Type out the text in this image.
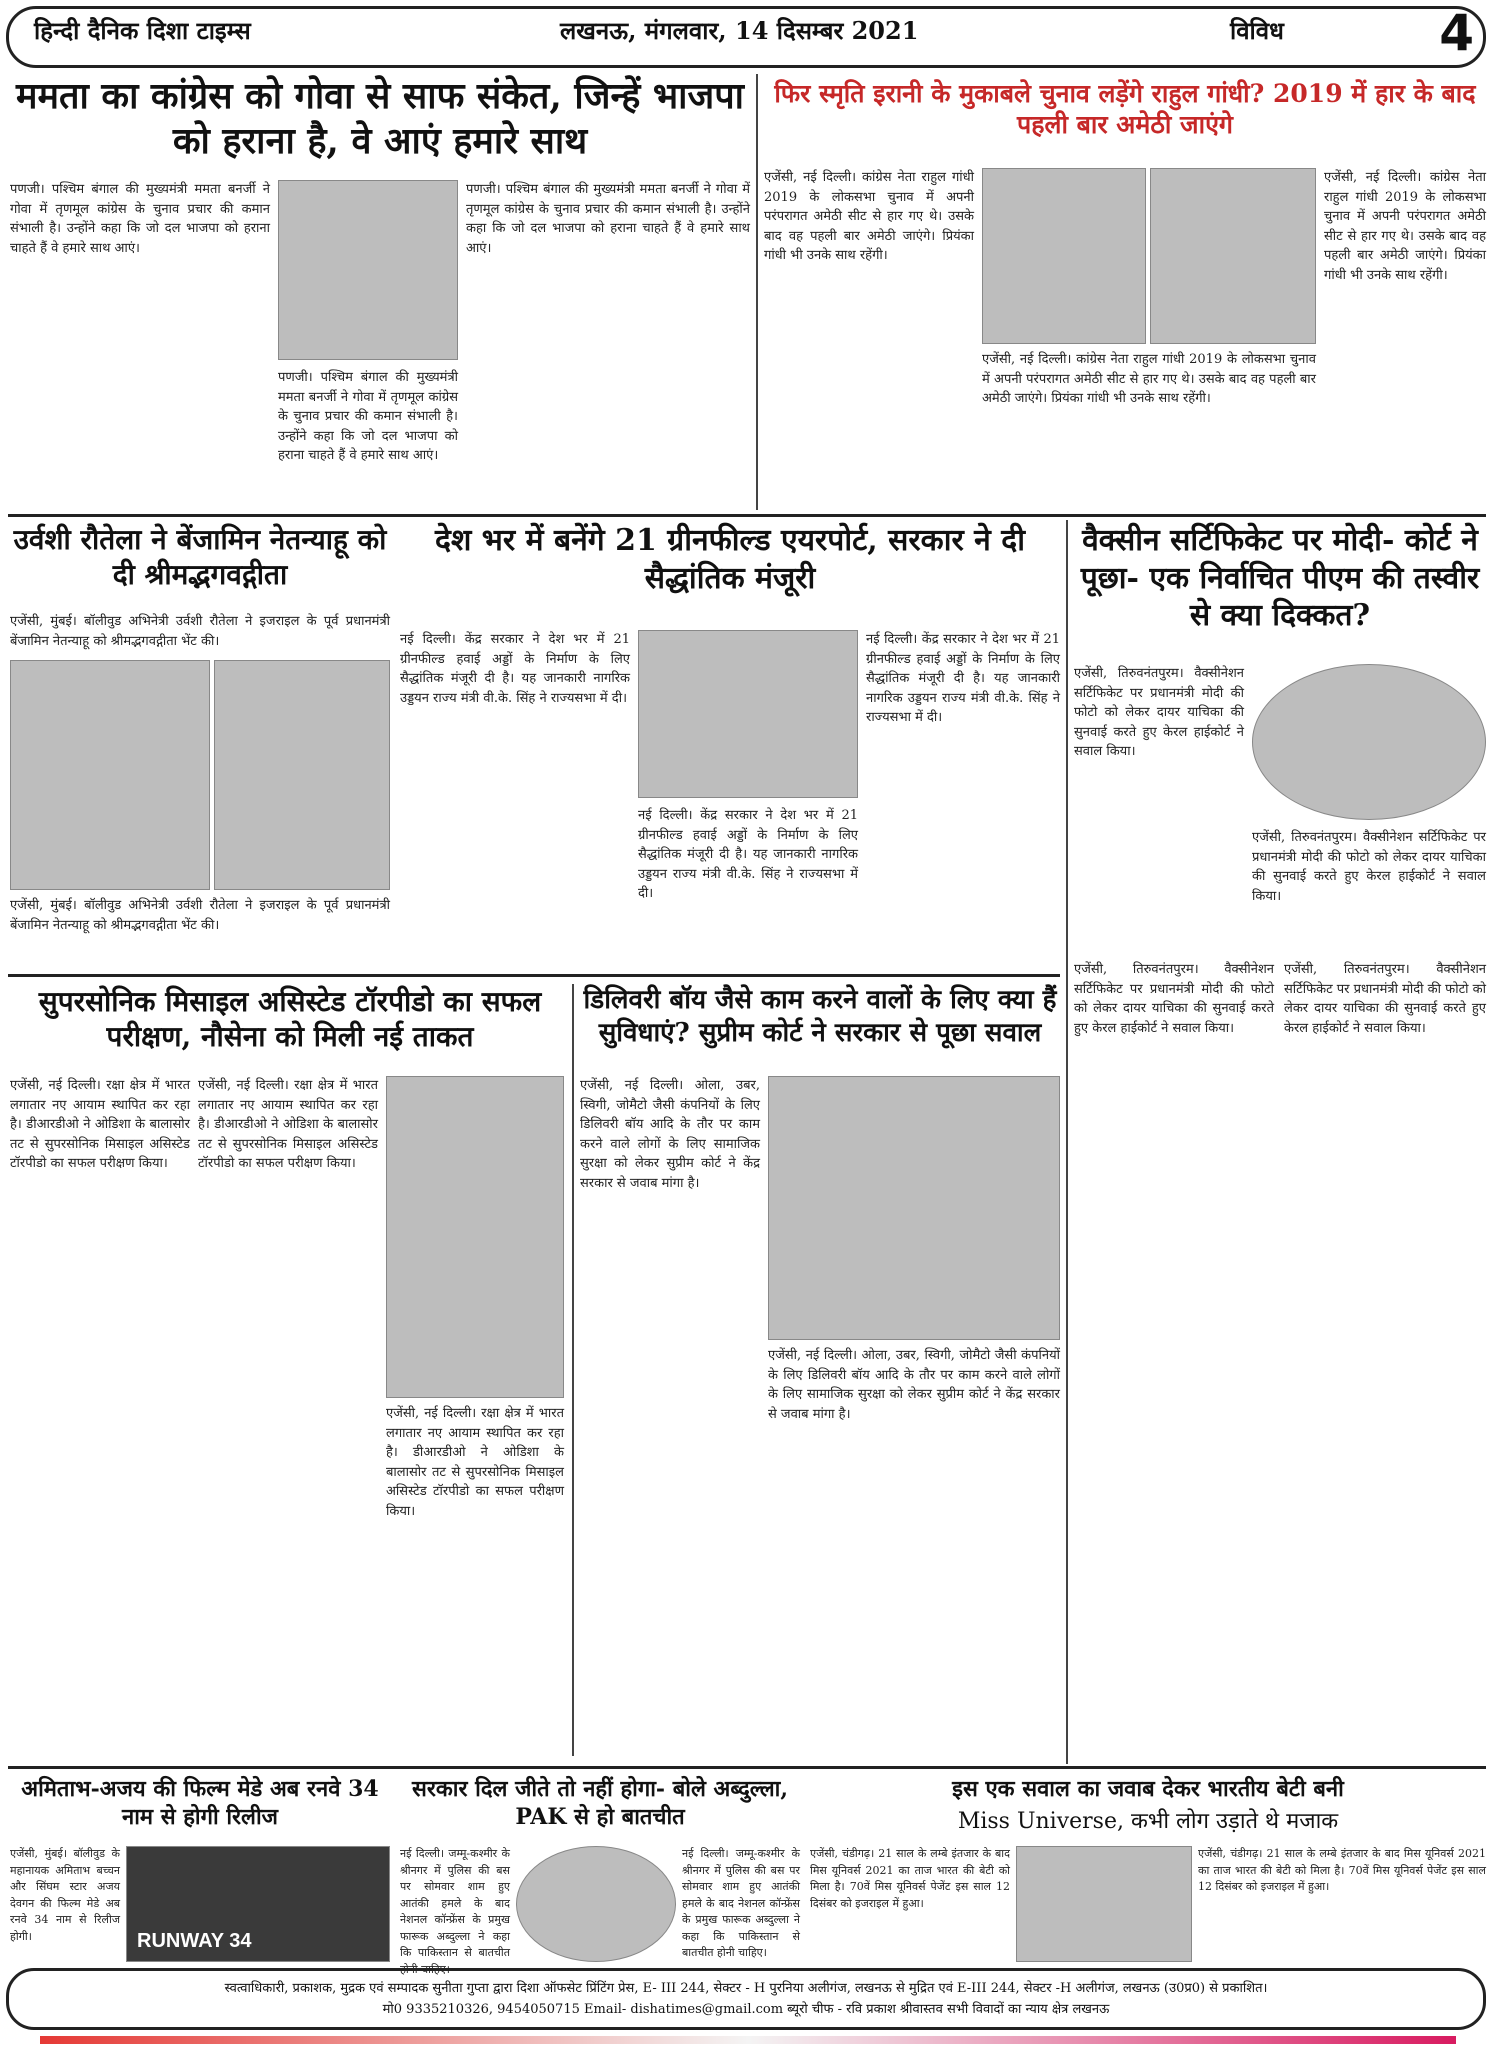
हिन्दी दैनिक दिशा टाइम्स	लखनऊ, मंगलवार, 14 दिसम्बर 2021	विविध	4
ममता का कांग्रेस को गोवा से साफ संकेत, जिन्हें भाजपा को हराना है, वे आएं हमारे साथ
पणजी। पश्चिम बंगाल की मुख्यमंत्री ममता बनर्जी ने गोवा में तृणमूल कांग्रेस के चुनाव प्रचार की कमान संभाली है। उन्होंने कहा कि जो दल भाजपा को हराना चाहते हैं वे हमारे साथ आएं।
पणजी। पश्चिम बंगाल की मुख्यमंत्री ममता बनर्जी ने गोवा में तृणमूल कांग्रेस के चुनाव प्रचार की कमान संभाली है। उन्होंने कहा कि जो दल भाजपा को हराना चाहते हैं वे हमारे साथ आएं।
पणजी। पश्चिम बंगाल की मुख्यमंत्री ममता बनर्जी ने गोवा में तृणमूल कांग्रेस के चुनाव प्रचार की कमान संभाली है। उन्होंने कहा कि जो दल भाजपा को हराना चाहते हैं वे हमारे साथ आएं।
फिर स्मृति इरानी के मुकाबले चुनाव लड़ेंगे राहुल गांधी? 2019 में हार के बाद पहली बार अमेठी जाएंगे
एजेंसी, नई दिल्ली। कांग्रेस नेता राहुल गांधी 2019 के लोकसभा चुनाव में अपनी परंपरागत अमेठी सीट से हार गए थे। उसके बाद वह पहली बार अमेठी जाएंगे। प्रियंका गांधी भी उनके साथ रहेंगी।
एजेंसी, नई दिल्ली। कांग्रेस नेता राहुल गांधी 2019 के लोकसभा चुनाव में अपनी परंपरागत अमेठी सीट से हार गए थे। उसके बाद वह पहली बार अमेठी जाएंगे। प्रियंका गांधी भी उनके साथ रहेंगी।
एजेंसी, नई दिल्ली। कांग्रेस नेता राहुल गांधी 2019 के लोकसभा चुनाव में अपनी परंपरागत अमेठी सीट से हार गए थे। उसके बाद वह पहली बार अमेठी जाएंगे। प्रियंका गांधी भी उनके साथ रहेंगी।
उर्वशी रौतेला ने बेंजामिन नेतन्याहू को दी श्रीमद्भगवद्गीता
एजेंसी, मुंबई। बॉलीवुड अभिनेत्री उर्वशी रौतेला ने इजराइल के पूर्व प्रधानमंत्री बेंजामिन नेतन्याहू को श्रीमद्भगवद्गीता भेंट की।
एजेंसी, मुंबई। बॉलीवुड अभिनेत्री उर्वशी रौतेला ने इजराइल के पूर्व प्रधानमंत्री बेंजामिन नेतन्याहू को श्रीमद्भगवद्गीता भेंट की।
देश भर में बनेंगे 21 ग्रीनफील्ड एयरपोर्ट, सरकार ने दी सैद्धांतिक मंजूरी
नई दिल्ली। केंद्र सरकार ने देश भर में 21 ग्रीनफील्ड हवाई अड्डों के निर्माण के लिए सैद्धांतिक मंजूरी दी है। यह जानकारी नागरिक उड्डयन राज्य मंत्री वी.के. सिंह ने राज्यसभा में दी।
नई दिल्ली। केंद्र सरकार ने देश भर में 21 ग्रीनफील्ड हवाई अड्डों के निर्माण के लिए सैद्धांतिक मंजूरी दी है। यह जानकारी नागरिक उड्डयन राज्य मंत्री वी.के. सिंह ने राज्यसभा में दी।
नई दिल्ली। केंद्र सरकार ने देश भर में 21 ग्रीनफील्ड हवाई अड्डों के निर्माण के लिए सैद्धांतिक मंजूरी दी है। यह जानकारी नागरिक उड्डयन राज्य मंत्री वी.के. सिंह ने राज्यसभा में दी।
वैक्सीन सर्टिफिकेट पर मोदी- कोर्ट ने पूछा- एक निर्वाचित पीएम की तस्वीर से क्या दिक्कत?
एजेंसी, तिरुवनंतपुरम। वैक्सीनेशन सर्टिफिकेट पर प्रधानमंत्री मोदी की फोटो को लेकर दायर याचिका की सुनवाई करते हुए केरल हाईकोर्ट ने सवाल किया।
एजेंसी, तिरुवनंतपुरम। वैक्सीनेशन सर्टिफिकेट पर प्रधानमंत्री मोदी की फोटो को लेकर दायर याचिका की सुनवाई करते हुए केरल हाईकोर्ट ने सवाल किया।
एजेंसी, तिरुवनंतपुरम। वैक्सीनेशन सर्टिफिकेट पर प्रधानमंत्री मोदी की फोटो को लेकर दायर याचिका की सुनवाई करते हुए केरल हाईकोर्ट ने सवाल किया।
एजेंसी, तिरुवनंतपुरम। वैक्सीनेशन सर्टिफिकेट पर प्रधानमंत्री मोदी की फोटो को लेकर दायर याचिका की सुनवाई करते हुए केरल हाईकोर्ट ने सवाल किया।
सुपरसोनिक मिसाइल असिस्टेड टॉरपीडो का सफल परीक्षण, नौसेना को मिली नई ताकत
एजेंसी, नई दिल्ली। रक्षा क्षेत्र में भारत लगातार नए आयाम स्थापित कर रहा है। डीआरडीओ ने ओडिशा के बालासोर तट से सुपरसोनिक मिसाइल असिस्टेड टॉरपीडो का सफल परीक्षण किया।
एजेंसी, नई दिल्ली। रक्षा क्षेत्र में भारत लगातार नए आयाम स्थापित कर रहा है। डीआरडीओ ने ओडिशा के बालासोर तट से सुपरसोनिक मिसाइल असिस्टेड टॉरपीडो का सफल परीक्षण किया।
एजेंसी, नई दिल्ली। रक्षा क्षेत्र में भारत लगातार नए आयाम स्थापित कर रहा है। डीआरडीओ ने ओडिशा के बालासोर तट से सुपरसोनिक मिसाइल असिस्टेड टॉरपीडो का सफल परीक्षण किया।
डिलिवरी बॉय जैसे काम करने वालों के लिए क्या हैं सुविधाएं? सुप्रीम कोर्ट ने सरकार से पूछा सवाल
एजेंसी, नई दिल्ली। ओला, उबर, स्विगी, जोमैटो जैसी कंपनियों के लिए डिलिवरी बॉय आदि के तौर पर काम करने वाले लोगों के लिए सामाजिक सुरक्षा को लेकर सुप्रीम कोर्ट ने केंद्र सरकार से जवाब मांगा है।
एजेंसी, नई दिल्ली। ओला, उबर, स्विगी, जोमैटो जैसी कंपनियों के लिए डिलिवरी बॉय आदि के तौर पर काम करने वाले लोगों के लिए सामाजिक सुरक्षा को लेकर सुप्रीम कोर्ट ने केंद्र सरकार से जवाब मांगा है।
अमिताभ-अजय की फिल्म मेडे अब रनवे 34 नाम से होगी रिलीज
एजेंसी, मुंबई। बॉलीवुड के महानायक अमिताभ बच्चन और सिंघम स्टार अजय देवगन की फिल्म मेडे अब रनवे 34 नाम से रिलीज होगी।	RUNWAY 34
सरकार दिल जीते तो नहीं होगा- बोले अब्दुल्ला, PAK से हो बातचीत
नई दिल्ली। जम्मू-कश्मीर के श्रीनगर में पुलिस की बस पर सोमवार शाम हुए आतंकी हमले के बाद नेशनल कॉन्फ्रेंस के प्रमुख फारूक अब्दुल्ला ने कहा कि पाकिस्तान से बातचीत होनी चाहिए।
नई दिल्ली। जम्मू-कश्मीर के श्रीनगर में पुलिस की बस पर सोमवार शाम हुए आतंकी हमले के बाद नेशनल कॉन्फ्रेंस के प्रमुख फारूक अब्दुल्ला ने कहा कि पाकिस्तान से बातचीत होनी चाहिए।
इस एक सवाल का जवाब देकर भारतीय बेटी बनी
Miss Universe, कभी लोग उड़ाते थे मजाक
एजेंसी, चंडीगढ़। 21 साल के लम्बे इंतजार के बाद मिस यूनिवर्स 2021 का ताज भारत की बेटी को मिला है। 70वें मिस यूनिवर्स पेजेंट इस साल 12 दिसंबर को इजराइल में हुआ।
एजेंसी, चंडीगढ़। 21 साल के लम्बे इंतजार के बाद मिस यूनिवर्स 2021 का ताज भारत की बेटी को मिला है। 70वें मिस यूनिवर्स पेजेंट इस साल 12 दिसंबर को इजराइल में हुआ।
स्वत्वाधिकारी, प्रकाशक, मुद्रक एवं सम्पादक सुनीता गुप्ता द्वारा दिशा ऑफसेट प्रिंटिंग प्रेस, E- III 244, सेक्टर - H पुरनिया अलीगंज, लखनऊ से मुद्रित एवं E-III 244, सेक्टर -H अलीगंज, लखनऊ (उ0प्र0) से प्रकाशित।
मो0 9335210326, 9454050715 Email- dishatimes@gmail.com ब्यूरो चीफ - रवि प्रकाश श्रीवास्तव सभी विवादों का न्याय क्षेत्र लखनऊ
